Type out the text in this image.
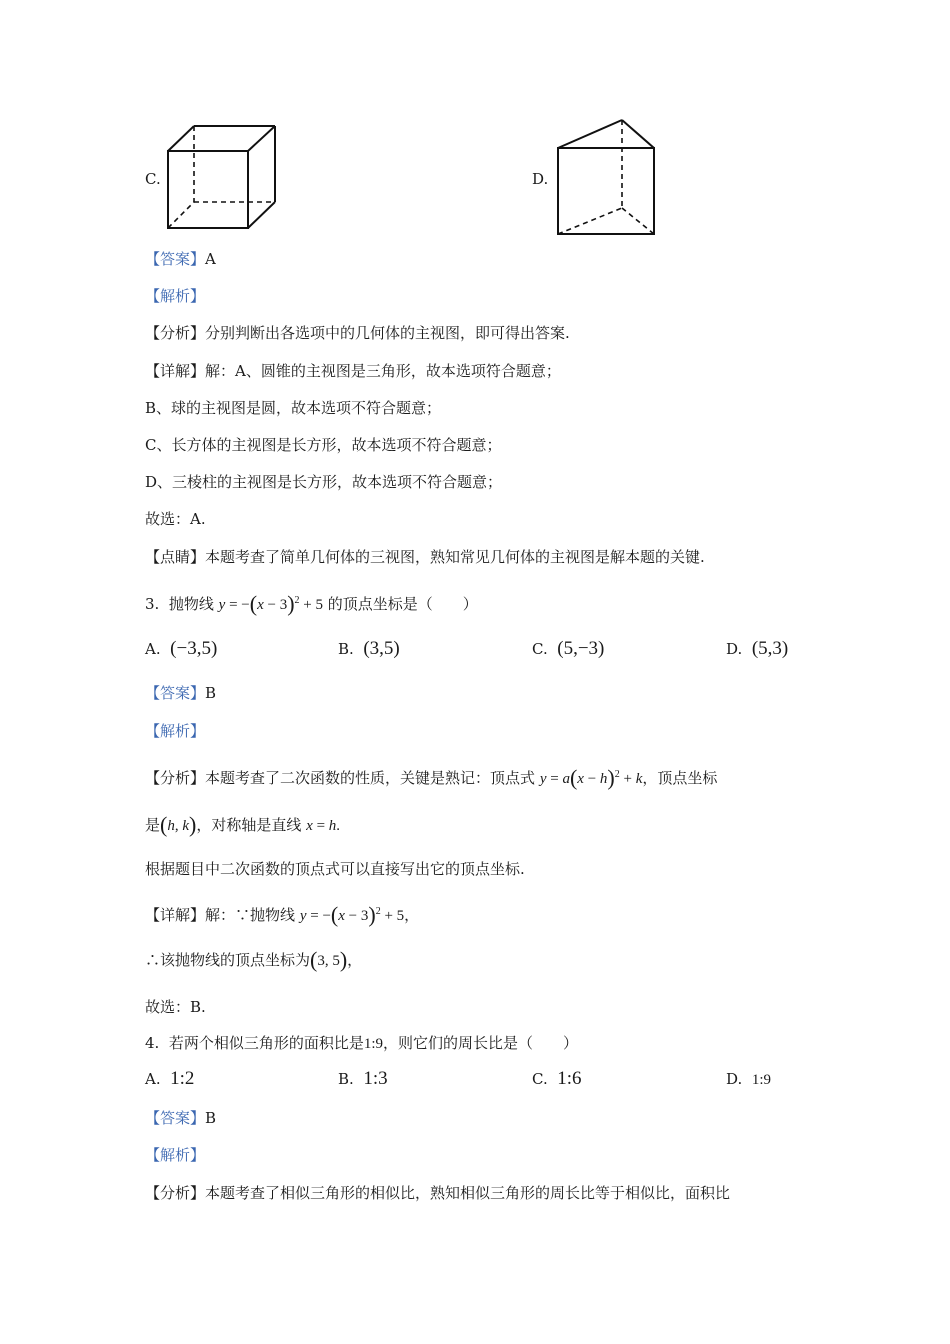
C.	D.
【答案】A
【解析】
【分析】分别判断出各选项中的几何体的主视图，即可得出答案.
【详解】解：A、圆锥的主视图是三角形，故本选项符合题意；
B、球的主视图是圆，故本选项不符合题意；
C、长方体的主视图是长方形，故本选项不符合题意；
D、三棱柱的主视图是长方形，故本选项不符合题意；
故选：A.
【点睛】本题考查了简单几何体的三视图，熟知常见几何体的主视图是解本题的关键.
3. 抛物线 $y = -(x - 3)^2 + 5$ 的顶点坐标是（　　）
A. (−3,5)	B. (3,5)	C. (5,−3)	D. (5,3)
【答案】B
【解析】
【分析】本题考查了二次函数的性质，关键是熟记：顶点式 $y = a(x - h)^2 + k$，顶点坐标
是(h, k)，对称轴是直线 x = h.
根据题目中二次函数的顶点式可以直接写出它的顶点坐标.
【详解】解：∵抛物线 $y = -(x - 3)^2 + 5$，
∴该抛物线的顶点坐标为(3, 5)，
故选：B.
4. 若两个相似三角形的面积比是1:9，则它们的周长比是（　　）
A. 1:2	B. 1:3	C. 1:6	D. 1:9
【答案】B
【解析】
【分析】本题考查了相似三角形的相似比，熟知相似三角形的周长比等于相似比，面积比
